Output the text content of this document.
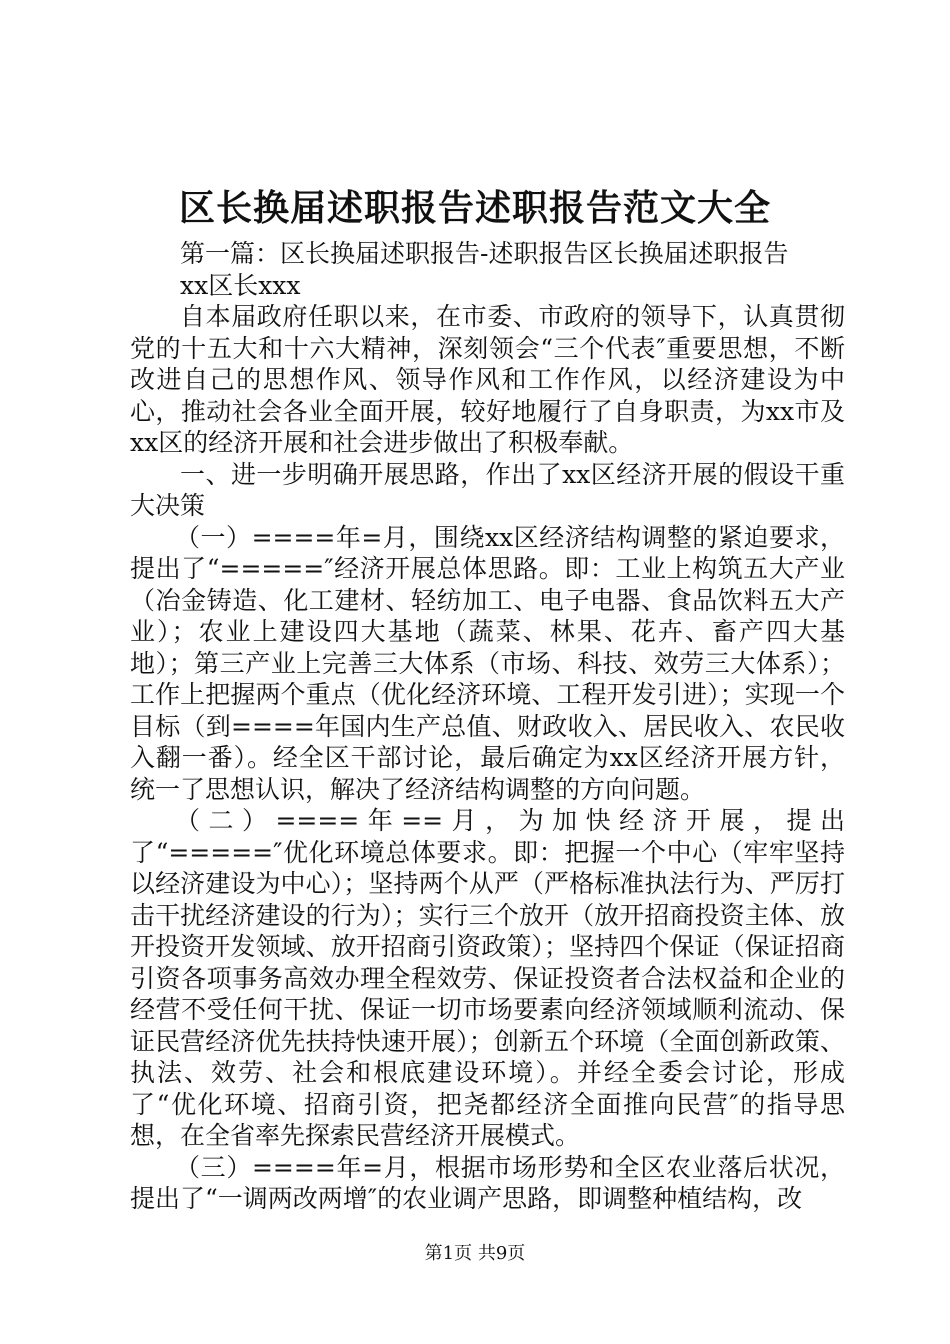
区长换届述职报告述职报告范文大全

第一篇：区长换届述职报告-述职报告区长换届述职报告

xx区长xxx

自本届政府任职以来，在市委、市政府的领导下，认真贯彻党的十五大和十六大精神，深刻领会“三个代表″重要思想，不断改进自己的思想作风、领导作风和工作作风，以经济建设为中心，推动社会各业全面开展，较好地履行了自身职责，为xx市及xx区的经济开展和社会进步做出了积极奉献。

一、进一步明确开展思路，作出了xx区经济开展的假设干重大决策

（一）====年=月，围绕xx区经济结构调整的紧迫要求，提出了“=====″经济开展总体思路。即：工业上构筑五大产业（冶金铸造、化工建材、轻纺加工、电子电器、食品饮料五大产业）；农业上建设四大基地（蔬菜、林果、花卉、畜产四大基地）；第三产业上完善三大体系（市场、科技、效劳三大体系）；工作上把握两个重点（优化经济环境、工程开发引进）；实现一个目标（到====年国内生产总值、财政收入、居民收入、农民收入翻一番）。经全区干部讨论，最后确定为xx区经济开展方针，统一了思想认识，解决了经济结构调整的方向问题。

（二）====年==月，为加快经济开展，提出了“=====″优化环境总体要求。即：把握一个中心（牢牢坚持以经济建设为中心）；坚持两个从严（严格标准执法行为、严厉打击干扰经济建设的行为）；实行三个放开（放开招商投资主体、放开投资开发领域、放开招商引资政策）；坚持四个保证（保证招商引资各项事务高效办理全程效劳、保证投资者合法权益和企业的经营不受任何干扰、保证一切市场要素向经济领域顺利流动、保证民营经济优先扶持快速开展）；创新五个环境（全面创新政策、执法、效劳、社会和根底建设环境）。并经全委会讨论，形成了“优化环境、招商引资，把尧都经济全面推向民营″的指导思想，在全省率先探索民营经济开展模式。

（三）====年=月，根据市场形势和全区农业落后状况，提出了“一调两改两增″的农业调产思路，即调整种植结构，改

第1页 共9页
